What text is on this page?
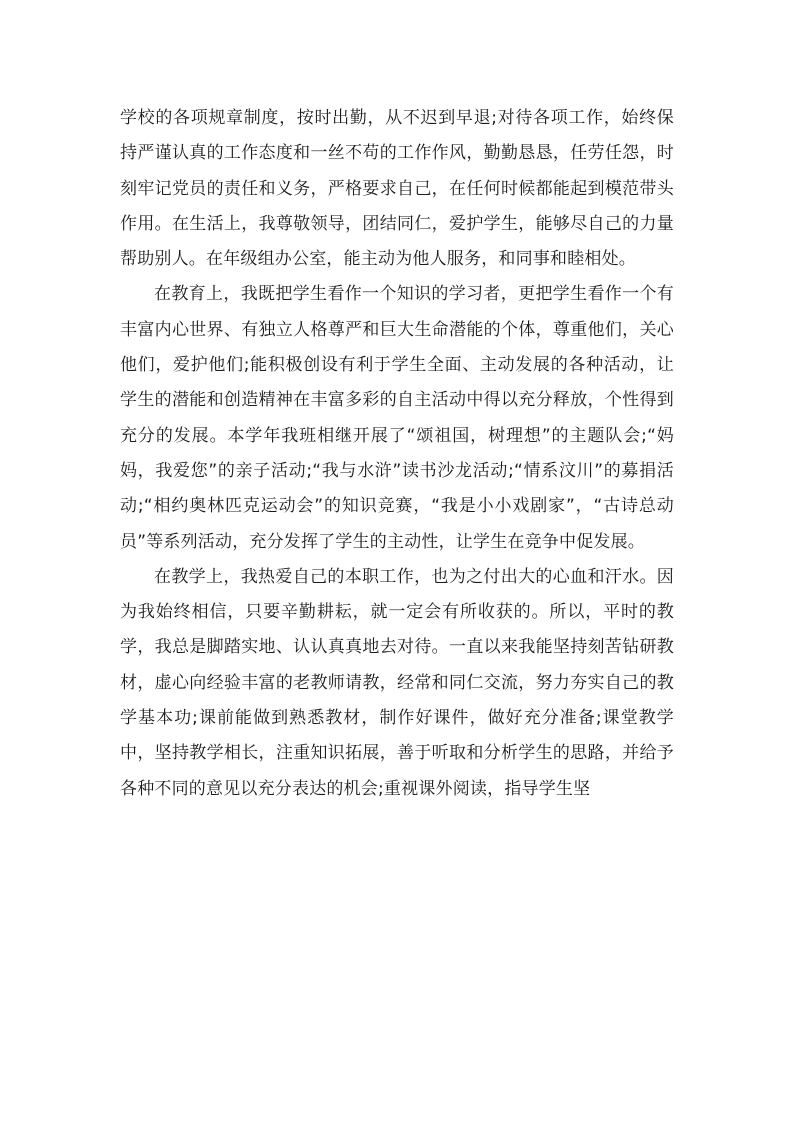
学校的各项规章制度，按时出勤，从不迟到早退;对待各项工作，始终保持严谨认真的工作态度和一丝不苟的工作作风，勤勤恳恳，任劳任怨，时刻牢记党员的责任和义务，严格要求自己，在任何时候都能起到模范带头作用。在生活上，我尊敬领导，团结同仁，爱护学生，能够尽自己的力量帮助别人。在年级组办公室，能主动为他人服务，和同事和睦相处。

在教育上，我既把学生看作一个知识的学习者，更把学生看作一个有丰富内心世界、有独立人格尊严和巨大生命潜能的个体，尊重他们，关心他们，爱护他们;能积极创设有利于学生全面、主动发展的各种活动，让学生的潜能和创造精神在丰富多彩的自主活动中得以充分释放，个性得到充分的发展。本学年我班相继开展了“颂祖国，树理想”的主题队会;“妈妈，我爱您”的亲子活动;“我与水浒”读书沙龙活动;“情系汶川”的募捐活动;“相约奥林匹克运动会”的知识竞赛，“我是小小戏剧家”，“古诗总动员”等系列活动，充分发挥了学生的主动性，让学生在竞争中促发展。

在教学上，我热爱自己的本职工作，也为之付出大的心血和汗水。因为我始终相信，只要辛勤耕耘，就一定会有所收获的。所以，平时的教学，我总是脚踏实地、认认真真地去对待。一直以来我能坚持刻苦钻研教材，虚心向经验丰富的老教师请教，经常和同仁交流，努力夯实自己的教学基本功;课前能做到熟悉教材，制作好课件，做好充分准备;课堂教学中，坚持教学相长，注重知识拓展，善于听取和分析学生的思路，并给予各种不同的意见以充分表达的机会;重视课外阅读，指导学生坚
